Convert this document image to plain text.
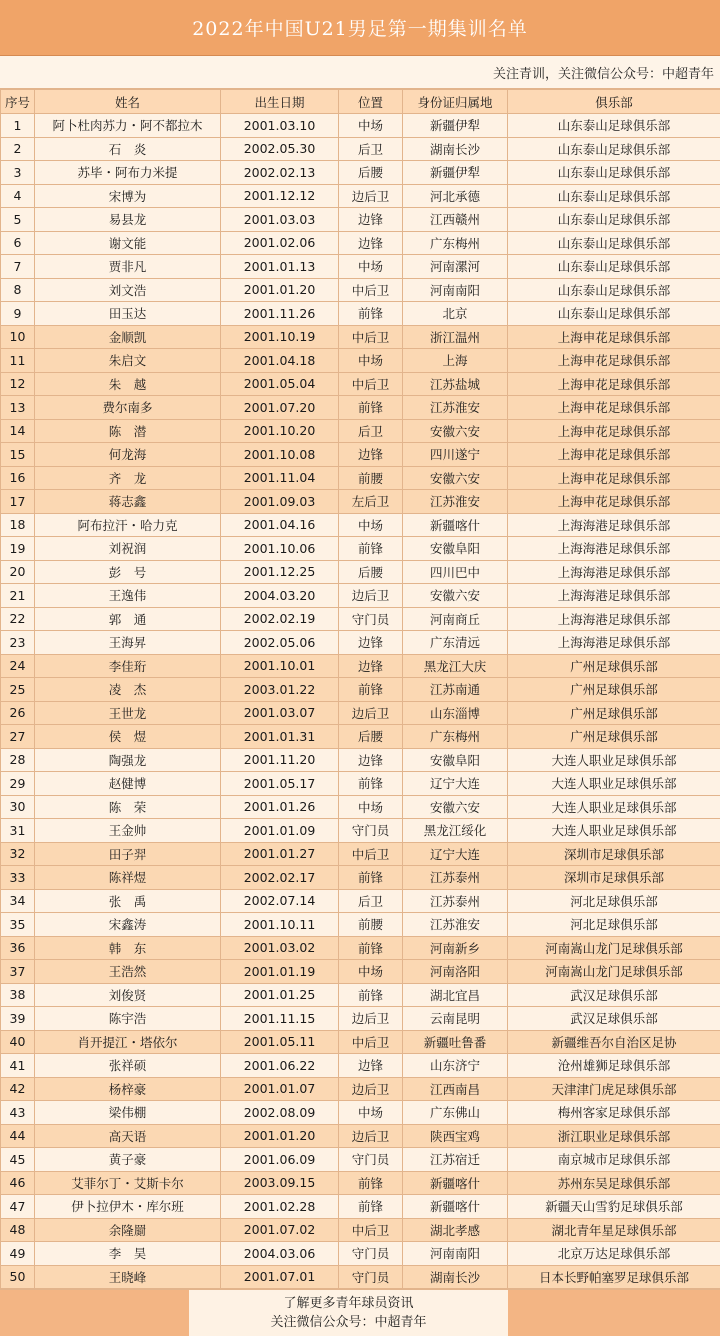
2022年中国U21男足第一期集训名单
关注青训，关注微信公众号：中超青年
序号	姓名	出生日期	位置	身份证归属地	俱乐部
1	阿卜杜肉苏力・阿不都拉木	2001.03.10	中场	新疆伊犁	山东泰山足球俱乐部
2	石　炎	2002.05.30	后卫	湖南长沙	山东泰山足球俱乐部
3	苏毕・阿布力米提	2002.02.13	后腰	新疆伊犁	山东泰山足球俱乐部
4	宋博为	2001.12.12	边后卫	河北承德	山东泰山足球俱乐部
5	易县龙	2001.03.03	边锋	江西赣州	山东泰山足球俱乐部
6	谢文能	2001.02.06	边锋	广东梅州	山东泰山足球俱乐部
7	贾非凡	2001.01.13	中场	河南漯河	山东泰山足球俱乐部
8	刘文浩	2001.01.20	中后卫	河南南阳	山东泰山足球俱乐部
9	田玉达	2001.11.26	前锋	北京	山东泰山足球俱乐部
10	金顺凯	2001.10.19	中后卫	浙江温州	上海申花足球俱乐部
11	朱启文	2001.04.18	中场	上海	上海申花足球俱乐部
12	朱　越	2001.05.04	中后卫	江苏盐城	上海申花足球俱乐部
13	费尔南多	2001.07.20	前锋	江苏淮安	上海申花足球俱乐部
14	陈　潜	2001.10.20	后卫	安徽六安	上海申花足球俱乐部
15	何龙海	2001.10.08	边锋	四川遂宁	上海申花足球俱乐部
16	齐　龙	2001.11.04	前腰	安徽六安	上海申花足球俱乐部
17	蒋志鑫	2001.09.03	左后卫	江苏淮安	上海申花足球俱乐部
18	阿布拉汗・哈力克	2001.04.16	中场	新疆喀什	上海海港足球俱乐部
19	刘祝润	2001.10.06	前锋	安徽阜阳	上海海港足球俱乐部
20	彭　号	2001.12.25	后腰	四川巴中	上海海港足球俱乐部
21	王逸伟	2004.03.20	边后卫	安徽六安	上海海港足球俱乐部
22	郭　通	2002.02.19	守门员	河南商丘	上海海港足球俱乐部
23	王海昇	2002.05.06	边锋	广东清远	上海海港足球俱乐部
24	李佳珩	2001.10.01	边锋	黑龙江大庆	广州足球俱乐部
25	凌　杰	2003.01.22	前锋	江苏南通	广州足球俱乐部
26	王世龙	2001.03.07	边后卫	山东淄博	广州足球俱乐部
27	侯　煜	2001.01.31	后腰	广东梅州	广州足球俱乐部
28	陶强龙	2001.11.20	边锋	安徽阜阳	大连人职业足球俱乐部
29	赵健博	2001.05.17	前锋	辽宁大连	大连人职业足球俱乐部
30	陈　荣	2001.01.26	中场	安徽六安	大连人职业足球俱乐部
31	王金帅	2001.01.09	守门员	黑龙江绥化	大连人职业足球俱乐部
32	田子羿	2001.01.27	中后卫	辽宁大连	深圳市足球俱乐部
33	陈祥煜	2002.02.17	前锋	江苏泰州	深圳市足球俱乐部
34	张　禹	2002.07.14	后卫	江苏泰州	河北足球俱乐部
35	宋鑫涛	2001.10.11	前腰	江苏淮安	河北足球俱乐部
36	韩　东	2001.03.02	前锋	河南新乡	河南嵩山龙门足球俱乐部
37	王浩然	2001.01.19	中场	河南洛阳	河南嵩山龙门足球俱乐部
38	刘俊贤	2001.01.25	前锋	湖北宜昌	武汉足球俱乐部
39	陈宇浩	2001.11.15	边后卫	云南昆明	武汉足球俱乐部
40	肖开提江・塔依尔	2001.05.11	中后卫	新疆吐鲁番	新疆维吾尔自治区足协
41	张祥硕	2001.06.22	边锋	山东济宁	沧州雄狮足球俱乐部
42	杨梓豪	2001.01.07	边后卫	江西南昌	天津津门虎足球俱乐部
43	梁伟棚	2002.08.09	中场	广东佛山	梅州客家足球俱乐部
44	高天语	2001.01.20	边后卫	陕西宝鸡	浙江职业足球俱乐部
45	黄子豪	2001.06.09	守门员	江苏宿迁	南京城市足球俱乐部
46	艾菲尔丁・艾斯卡尔	2003.09.15	前锋	新疆喀什	苏州东吴足球俱乐部
47	伊卜拉伊木・库尔班	2001.02.28	前锋	新疆喀什	新疆天山雪豹足球俱乐部
48	余隆罽	2001.07.02	中后卫	湖北孝感	湖北青年星足球俱乐部
49	李　昊	2004.03.06	守门员	河南南阳	北京万达足球俱乐部
50	王晓峰	2001.07.01	守门员	湖南长沙	日本长野帕塞罗足球俱乐部
了解更多青年球员资讯
关注微信公众号：中超青年
